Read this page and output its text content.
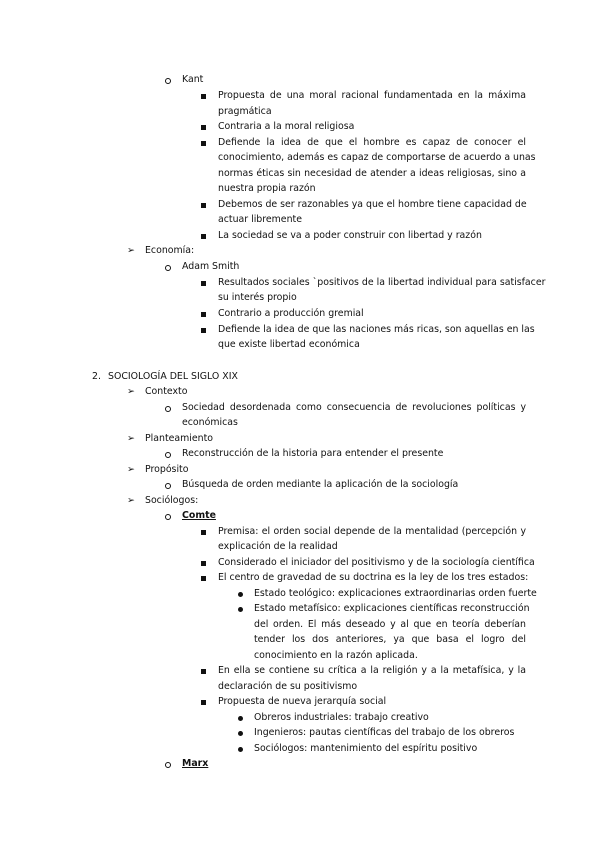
Kant
Propuesta de una moral racional fundamentada en la máxima
pragmática
Contraria a la moral religiosa
Defiende la idea de que el hombre es capaz de conocer el
conocimiento, además es capaz de comportarse de acuerdo a unas
normas éticas sin necesidad de atender a ideas religiosas, sino a
nuestra propia razón
Debemos de ser razonables ya que el hombre tiene capacidad de
actuar libremente
La sociedad se va a poder construir con libertad y razón
➢ Economía:
Adam Smith
Resultados sociales `positivos de la libertad individual para satisfacer
su interés propio
Contrario a producción gremial
Defiende la idea de que las naciones más ricas, son aquellas en las
que existe libertad económica
2. SOCIOLOGÍA DEL SIGLO XIX
➢ Contexto
Sociedad desordenada como consecuencia de revoluciones políticas y
económicas
➢ Planteamiento
Reconstrucción de la historia para entender el presente
➢ Propósito
Búsqueda de orden mediante la aplicación de la sociología
➢ Sociólogos:
Comte
Premisa: el orden social depende de la mentalidad (percepción y
explicación de la realidad
Considerado el iniciador del positivismo y de la sociología científica
El centro de gravedad de su doctrina es la ley de los tres estados:
Estado teológico: explicaciones extraordinarias orden fuerte
Estado metafísico: explicaciones científicas reconstrucción
del orden. El más deseado y al que en teoría deberían
tender los dos anteriores, ya que basa el logro del
conocimiento en la razón aplicada.
En ella se contiene su crítica a la religión y a la metafísica, y la
declaración de su positivismo
Propuesta de nueva jerarquía social
Obreros industriales: trabajo creativo
Ingenieros: pautas científicas del trabajo de los obreros
Sociólogos: mantenimiento del espíritu positivo
Marx
